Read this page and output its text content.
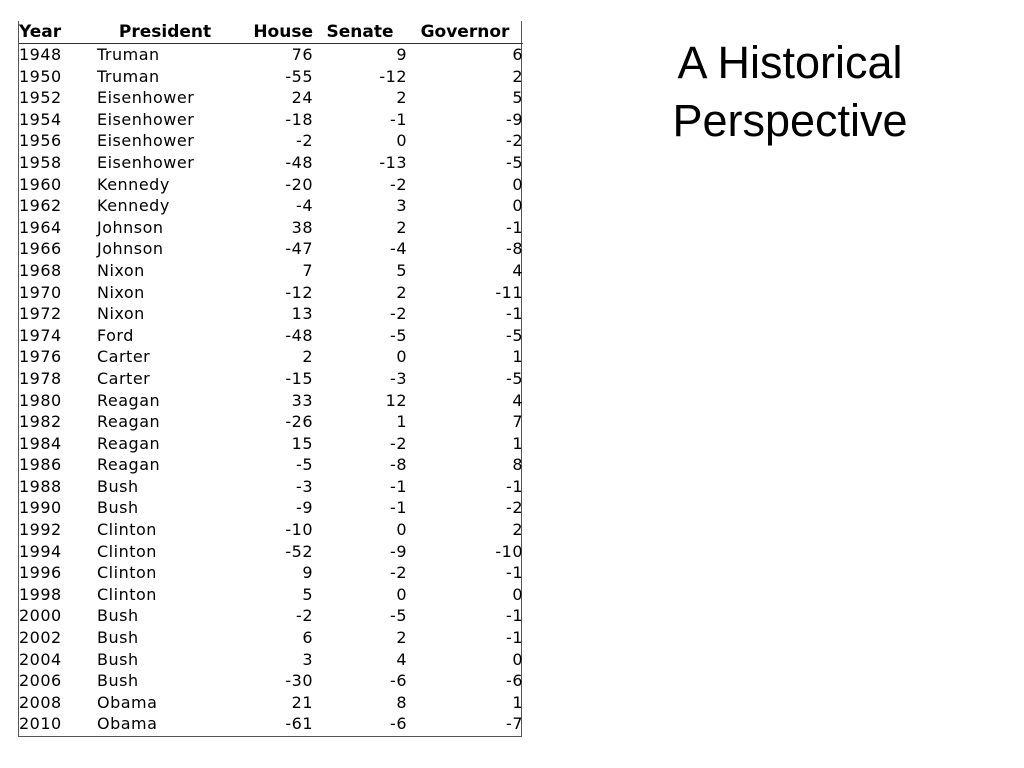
Year	President	House	Senate	Governor
1948	Truman	76	9	6
1950	Truman	-55	-12	2
1952	Eisenhower	24	2	5
1954	Eisenhower	-18	-1	-9
1956	Eisenhower	-2	0	-2
1958	Eisenhower	-48	-13	-5
1960	Kennedy	-20	-2	0
1962	Kennedy	-4	3	0
1964	Johnson	38	2	-1
1966	Johnson	-47	-4	-8
1968	Nixon	7	5	4
1970	Nixon	-12	2	-11
1972	Nixon	13	-2	-1
1974	Ford	-48	-5	-5
1976	Carter	2	0	1
1978	Carter	-15	-3	-5
1980	Reagan	33	12	4
1982	Reagan	-26	1	7
1984	Reagan	15	-2	1
1986	Reagan	-5	-8	8
1988	Bush	-3	-1	-1
1990	Bush	-9	-1	-2
1992	Clinton	-10	0	2
1994	Clinton	-52	-9	-10
1996	Clinton	9	-2	-1
1998	Clinton	5	0	0
2000	Bush	-2	-5	-1
2002	Bush	6	2	-1
2004	Bush	3	4	0
2006	Bush	-30	-6	-6
2008	Obama	21	8	1
2010	Obama	-61	-6	-7
A Historical
Perspective
